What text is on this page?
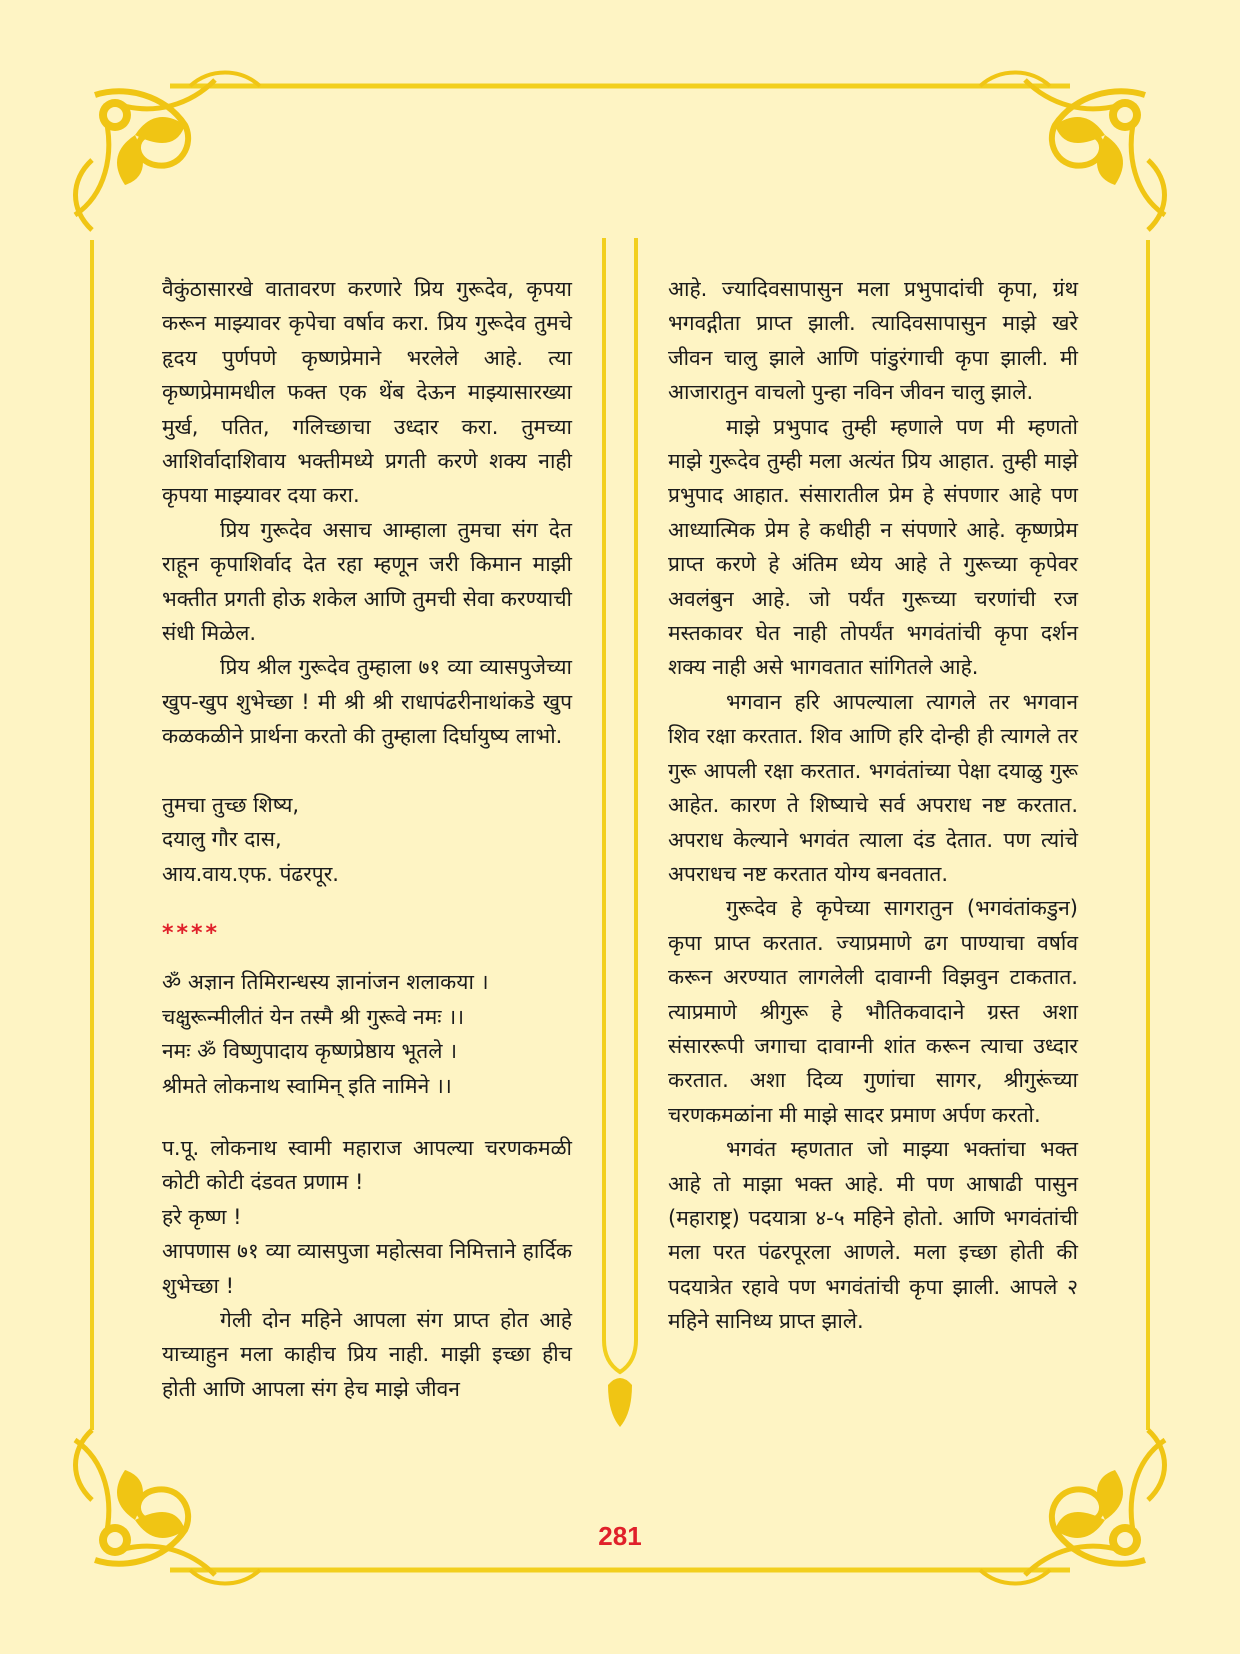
वैकुंठासारखे वातावरण करणारे प्रिय गुरूदेव, कृपया करून माझ्यावर कृपेचा वर्षाव करा. प्रिय गुरूदेव तुमचे हृदय पुर्णपणे कृष्णप्रेमाने भरलेले आहे. त्या कृष्णप्रेमामधील फक्त एक थेंब देऊन माझ्यासारख्या मुर्ख, पतित, गलिच्छाचा उध्दार करा. तुमच्या आशिर्वादाशिवाय भक्तीमध्ये प्रगती करणे शक्य नाही कृपया माझ्यावर दया करा.

प्रिय गुरूदेव असाच आम्हाला तुमचा संग देत राहून कृपाशिर्वाद देत रहा म्हणून जरी किमान माझी भक्तीत प्रगती होऊ शकेल आणि तुमची सेवा करण्याची संधी मिळेल.

प्रिय श्रील गुरूदेव तुम्हाला ७१ व्या व्यासपुजेच्या खुप-खुप शुभेच्छा ! मी श्री श्री राधापंढरीनाथांकडे खुप कळकळीने प्रार्थना करतो की तुम्हाला दिर्घायुष्य लाभो.

तुमचा तुच्छ शिष्य,

दयालु गौर दास,

आय.वाय.एफ. पंढरपूर.

****

ॐ अज्ञान तिमिरान्धस्य ज्ञानांजन शलाकया ।

चक्षुरून्मीलीतं येन तस्मै श्री गुरूवे नमः ।।

नमः ॐ विष्णुपादाय कृष्णप्रेष्ठाय भूतले ।

श्रीमते लोकनाथ स्वामिन् इति नामिने ।।

प.पू. लोकनाथ स्वामी महाराज आपल्या चरणकमळी कोटी कोटी दंडवत प्रणाम !

हरे कृष्ण !

आपणास ७१ व्या व्यासपुजा महोत्सवा निमित्ताने हार्दिक शुभेच्छा !

गेली दोन महिने आपला संग प्राप्त होत आहे याच्याहुन मला काहीच प्रिय नाही. माझी इच्छा हीच होती आणि आपला संग हेच माझे जीवन

आहे. ज्यादिवसापासुन मला प्रभुपादांची कृपा, ग्रंथ भगवद्गीता प्राप्त झाली. त्यादिवसापासुन माझे खरे जीवन चालु झाले आणि पांडुरंगाची कृपा झाली. मी आजारातुन वाचलो पुन्हा नविन जीवन चालु झाले.

माझे प्रभुपाद तुम्ही म्हणाले पण मी म्हणतो माझे गुरूदेव तुम्ही मला अत्यंत प्रिय आहात. तुम्ही माझे प्रभुपाद आहात. संसारातील प्रेम हे संपणार आहे पण आध्यात्मिक प्रेम हे कधीही न संपणारे आहे. कृष्णप्रेम प्राप्त करणे हे अंतिम ध्येय आहे ते गुरूच्या कृपेवर अवलंबुन आहे. जो पर्यंत गुरूच्या चरणांची रज मस्तकावर घेत नाही तोपर्यंत भगवंतांची कृपा दर्शन शक्य नाही असे भागवतात सांगितले आहे.

भगवान हरि आपल्याला त्यागले तर भगवान शिव रक्षा करतात. शिव आणि हरि दोन्ही ही त्यागले तर गुरू आपली रक्षा करतात. भगवंतांच्या पेक्षा दयाळु गुरू आहेत. कारण ते शिष्याचे सर्व अपराध नष्ट करतात. अपराध केल्याने भगवंत त्याला दंड देतात. पण त्यांचे अपराधच नष्ट करतात योग्य बनवतात.

गुरूदेव हे कृपेच्या सागरातुन (भगवंतांकडुन) कृपा प्राप्त करतात. ज्याप्रमाणे ढग पाण्याचा वर्षाव करून अरण्यात लागलेली दावाग्नी विझवुन टाकतात. त्याप्रमाणे श्रीगुरू हे भौतिकवादाने ग्रस्त अशा संसाररूपी जगाचा दावाग्नी शांत करून त्याचा उध्दार करतात. अशा दिव्य गुणांचा सागर, श्रीगुरूंच्या चरणकमळांना मी माझे सादर प्रमाण अर्पण करतो.

भगवंत म्हणतात जो माझ्या भक्तांचा भक्त आहे तो माझा भक्त आहे. मी पण आषाढी पासुन (महाराष्ट्र) पदयात्रा ४-५ महिने होतो. आणि भगवंतांची मला परत पंढरपूरला आणले. मला इच्छा होती की पदयात्रेत रहावे पण भगवंतांची कृपा झाली. आपले २ महिने सानिध्य प्राप्त झाले.

281
